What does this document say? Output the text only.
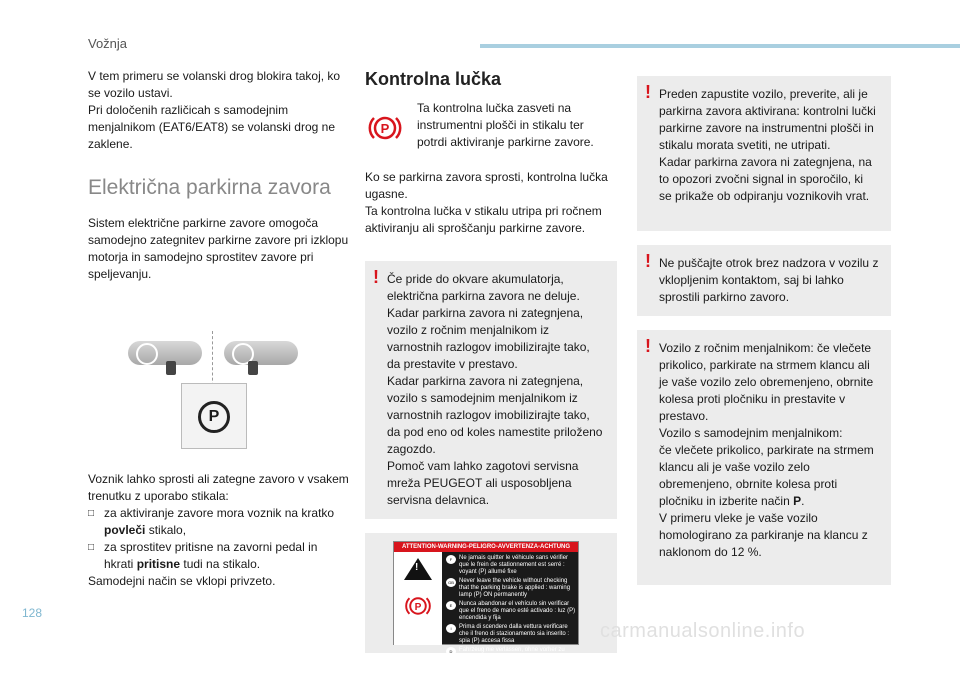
Vožnja

V tem primeru se volanski drog blokira takoj, ko se vozilo ustavi.

Pri določenih različicah s samodejnim menjalnikom (EAT6/EAT8) se volanski drog ne zaklene.

Električna parkirna zavora

Sistem električne parkirne zavore omogoča samodejno zategnitev parkirne zavore pri izklopu motorja in samodejno sprostitev zavore pri speljevanju.

P

Voznik lahko sprosti ali zategne zavoro v vsakem trenutku z uporabo stikala:

□ za aktiviranje zavore mora voznik na kratko povleči stikalo,
□ za sprostitev pritisne na zavorni pedal in hkrati pritisne tudi na stikalo.

Samodejni način se vklopi privzeto.

Kontrolna lučka
P

Ta kontrolna lučka zasveti na instrumentni plošči in stikalu ter potrdi aktiviranje parkirne zavore.

Ko se parkirna zavora sprosti, kontrolna lučka ugasne.

Ta kontrolna lučka v stikalu utripa pri ročnem aktiviranju ali sproščanju parkirne zavore.

! Če pride do okvare akumulatorja, električna parkirna zavora ne deluje.

Kadar parkirna zavora ni zategnjena, vozilo z ročnim menjalnikom iz varnostnih razlogov imobilizirajte tako, da prestavite v prestavo.

Kadar parkirna zavora ni zategnjena, vozilo s samodejnim menjalnikom iz varnostnih razlogov imobilizirajte tako, da pod eno od koles namestite priloženo zagozdo.

Pomoč vam lahko zagotovi servisna mreža PEUGEOT ali usposobljena servisna delavnica.

ATTENTION-WARNING-PELIGRO-AVVERTENZA-ACHTUNG
!
P
F	Ne jamais quitter le véhicule sans vérifier que le frein de stationnement est serré : voyant (P) allumé fixe
GB Never leave the vehicle without checking that the parking brake is applied : warning lamp (P) ON permanently
E	Nunca abandonar el vehículo sin verificar que el freno de mano esté activado : luz (P) encendida y fija
I	Prima di scendere dalla vettura verificare che il freno di stazionamento sia inserito : spia (P) accesa fissa
D	Fahrzeug nie verlassen, ohne vorher zu prüfen, ob die elektrische parkbremse angezogen ist. Die Kontrollleuchte (P) leuchtet dann permanent
! Preden zapustite vozilo, preverite, ali je parkirna zavora aktivirana: kontrolni lučki parkirne zavore na instrumentni plošči in stikalu morata svetiti, ne utripati.

Kadar parkirna zavora ni zategnjena, na to opozori zvočni signal in sporočilo, ki se prikaže ob odpiranju voznikovih vrat.

! Ne puščajte otrok brez nadzora v vozilu z vklopljenim kontaktom, saj bi lahko sprostili parkirno zavoro.

! Vozilo z ročnim menjalnikom: če vlečete prikolico, parkirate na strmem klancu ali je vaše vozilo zelo obremenjeno, obrnite kolesa proti pločniku in prestavite v prestavo.

Vozilo s samodejnim menjalnikom:

če vlečete prikolico, parkirate na strmem klancu ali je vaše vozilo zelo obremenjeno, obrnite kolesa proti pločniku in izberite način P.

V primeru vleke je vaše vozilo homologirano za parkiranje na klancu z naklonom do 12 %.

128
carmanualsonline.info
